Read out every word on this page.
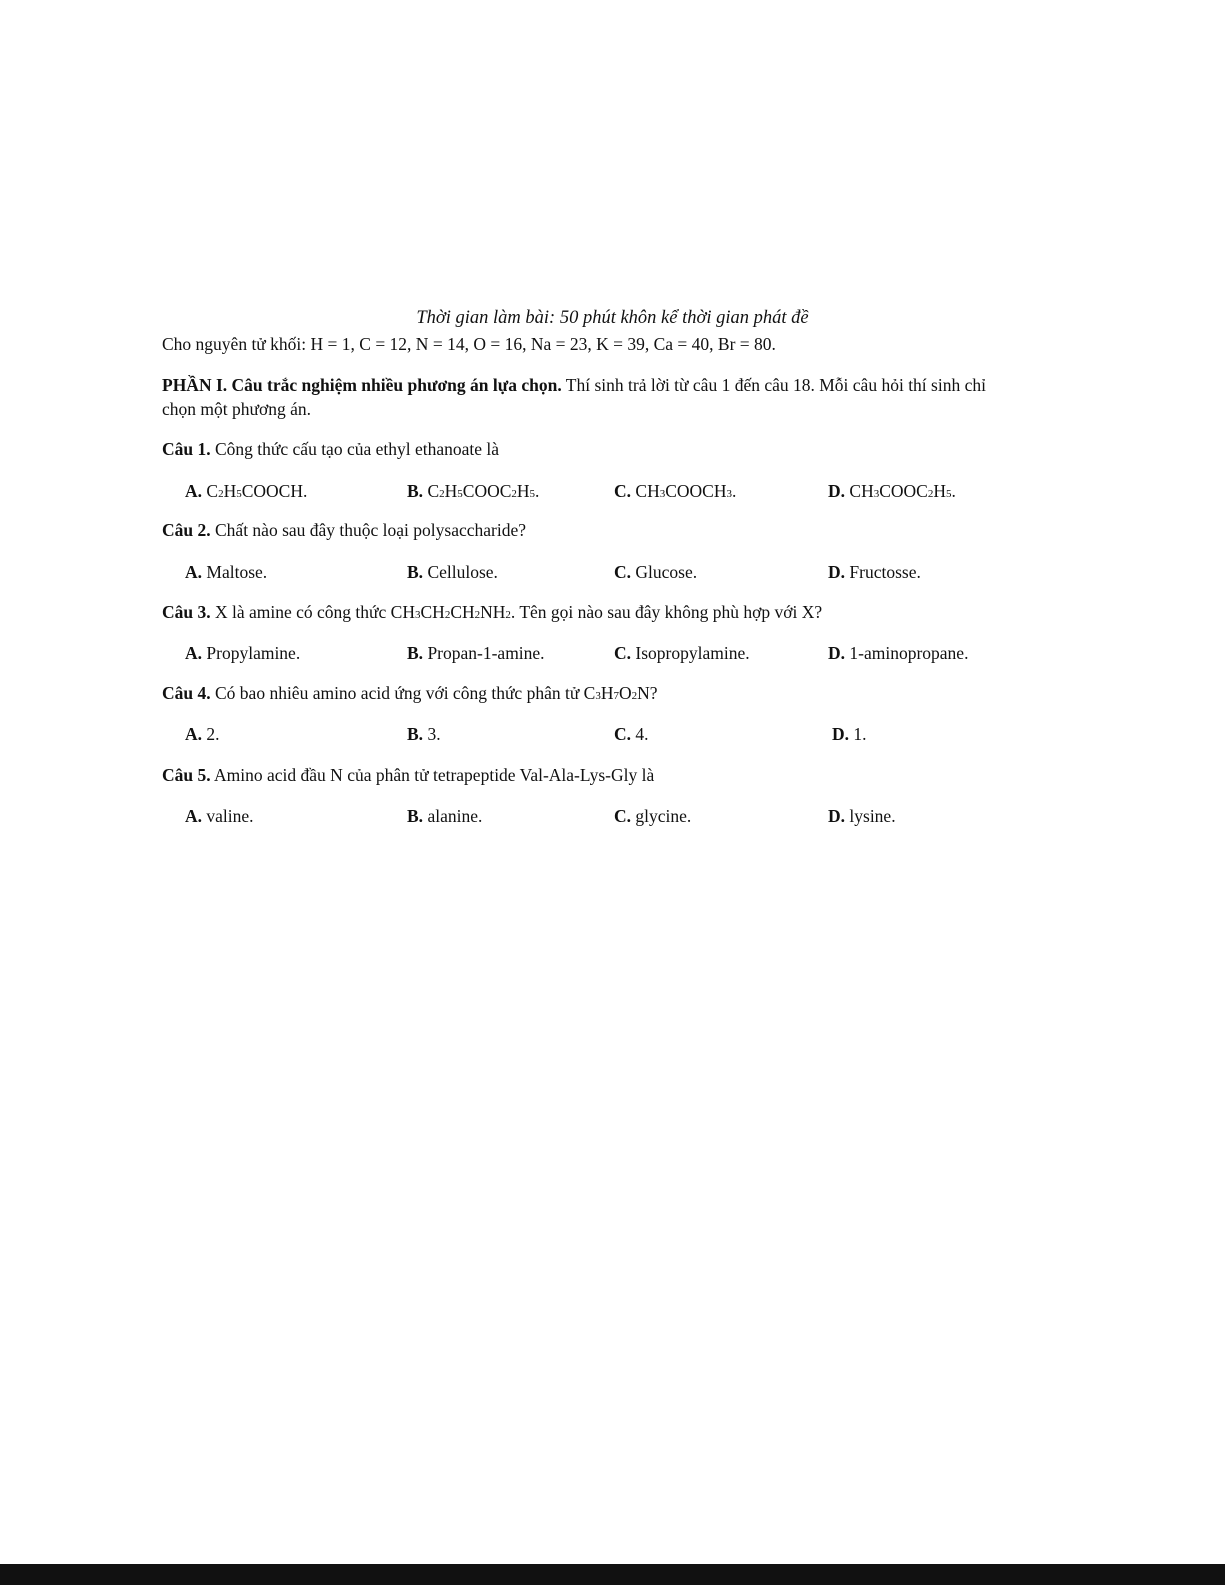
Thời gian làm bài: 50 phút khôn kể thời gian phát đề
Cho nguyên tử khối: H = 1, C = 12, N = 14, O = 16, Na = 23, K = 39, Ca = 40, Br = 80.
PHẦN I. Câu trắc nghiệm nhiều phương án lựa chọn. Thí sinh trả lời từ câu 1 đến câu 18. Mỗi câu hỏi thí sinh chỉ
chọn một phương án.
Câu 1. Công thức cấu tạo của ethyl ethanoate là
A. C2H5COOCH.	B. C2H5COOC2H5.	C. CH3COOCH3.	D. CH3COOC2H5.
Câu 2. Chất nào sau đây thuộc loại polysaccharide?
A. Maltose.	B. Cellulose.	C. Glucose.	D. Fructosse.
Câu 3. X là amine có công thức CH3CH2CH2NH2. Tên gọi nào sau đây không phù hợp với X?
A. Propylamine.	B. Propan-1-amine.	C. Isopropylamine.	D. 1-aminopropane.
Câu 4. Có bao nhiêu amino acid ứng với công thức phân tử C3H7O2N?
A. 2.	B. 3.	C. 4.	D. 1.
Câu 5. Amino acid đầu N của phân tử tetrapeptide Val-Ala-Lys-Gly là
A. valine.	B. alanine.	C. glycine.	D. lysine.
